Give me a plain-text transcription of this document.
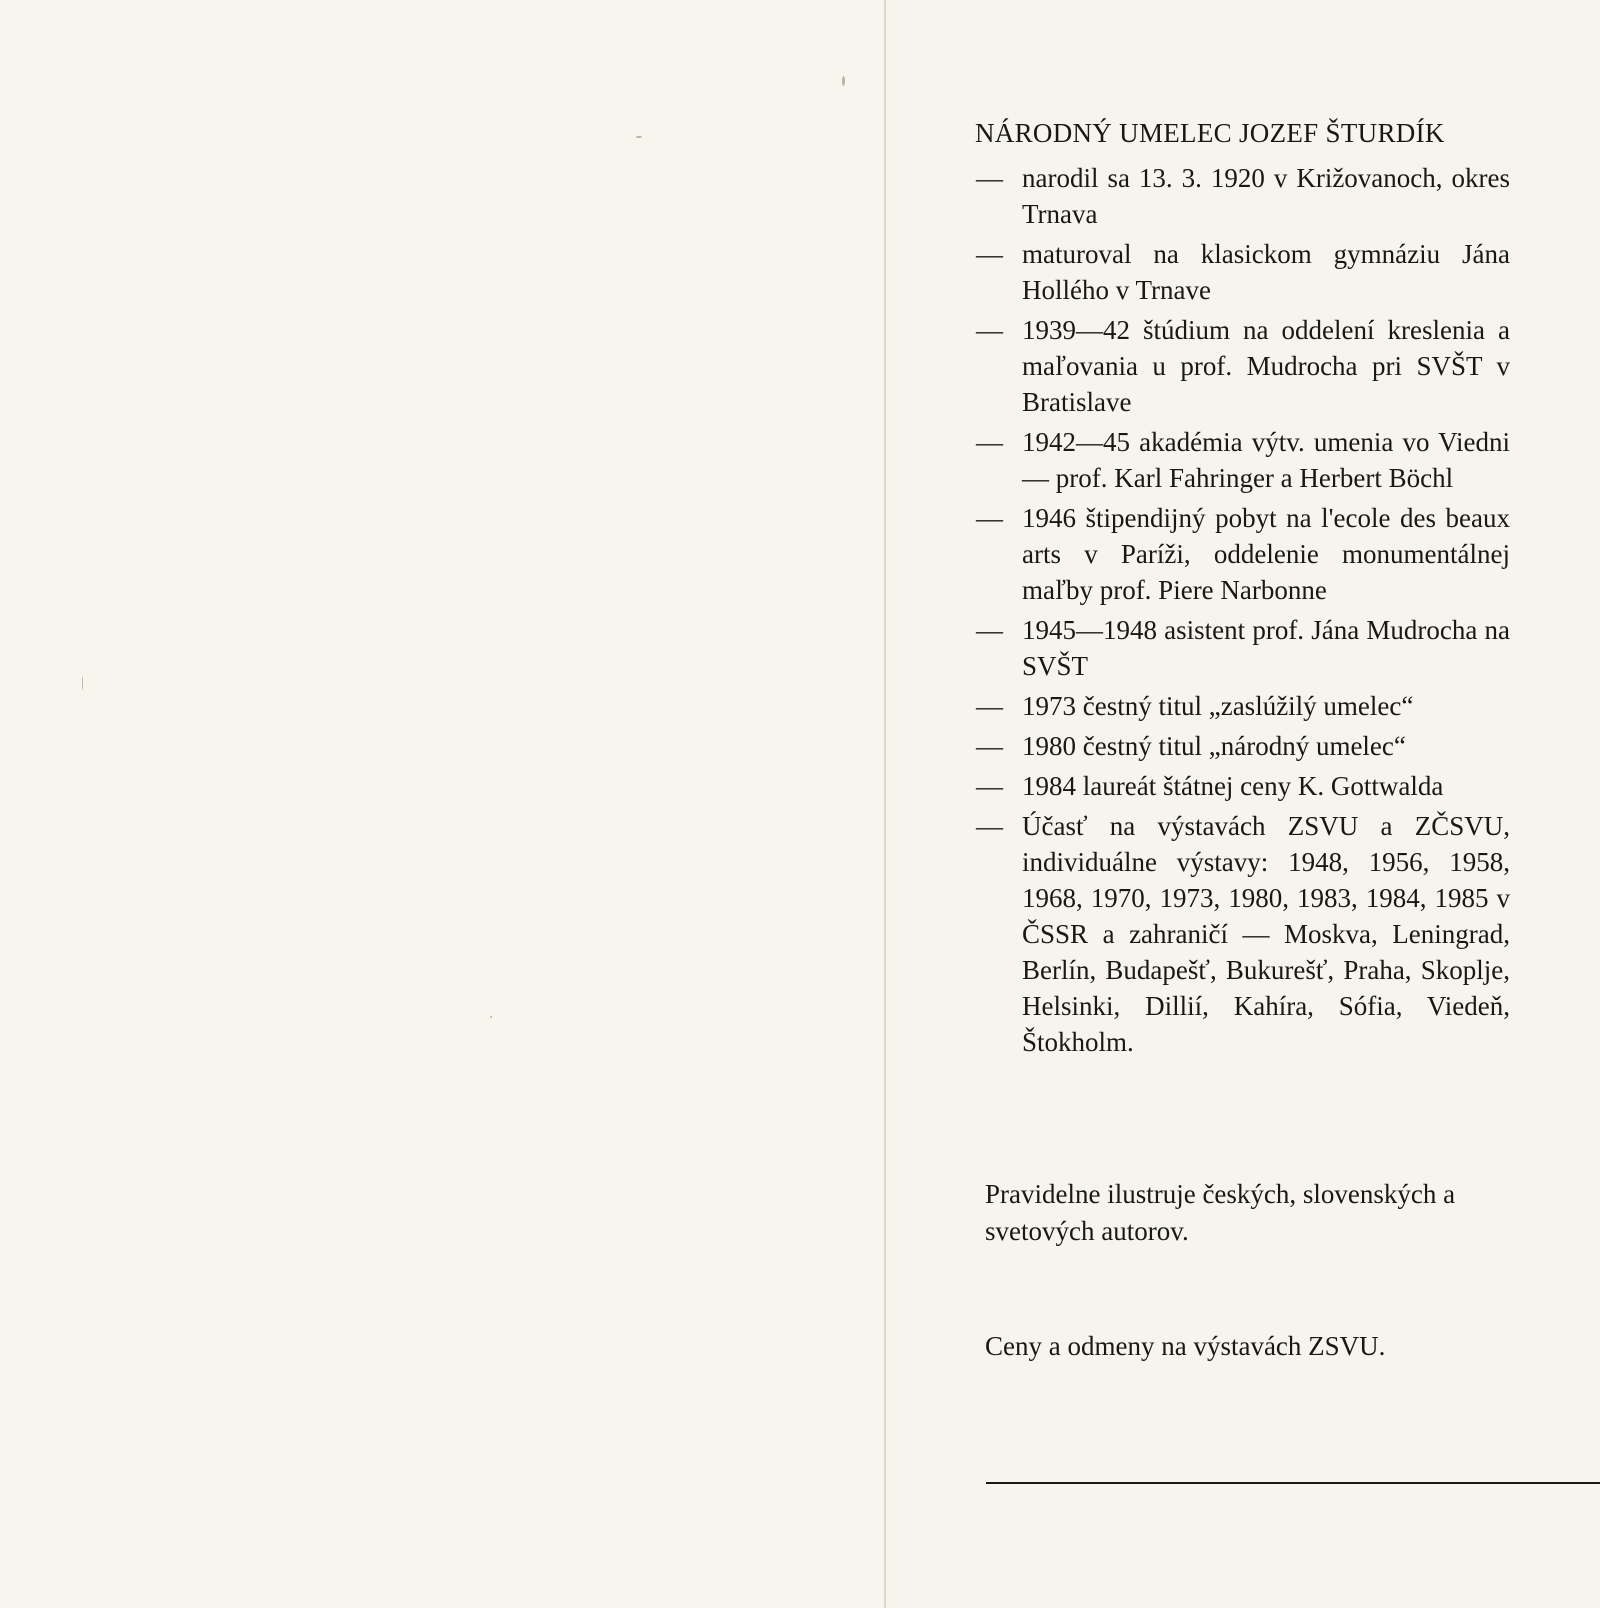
NÁRODNÝ UMELEC JOZEF ŠTURDÍK
— narodil sa 13. 3. 1920 v Križovanoch, okres Trnava
— maturoval na klasickom gymnáziu Jána Hollého v Trnave
— 1939—42 štúdium na oddelení kreslenia a maľovania u prof. Mudrocha pri SVŠT v Bratislave
— 1942—45 akadémia výtv. umenia vo Viedni — prof. Karl Fahringer a Herbert Böchl
— 1946 štipendijný pobyt na l'ecole des beaux arts v Paríži, oddelenie monumentálnej maľby prof. Piere Narbonne
— 1945—1948 asistent prof. Jána Mudrocha na SVŠT
— 1973 čestný titul „zaslúžilý umelec“
— 1980 čestný titul „národný umelec“
— 1984 laureát štátnej ceny K. Gottwalda
— Účasť na výstavách ZSVU a ZČSVU, individuálne výstavy: 1948, 1956, 1958, 1968, 1970, 1973, 1980, 1983, 1984, 1985 v ČSSR a zahraničí — Moskva, Leningrad, Berlín, Budapešť, Bukurešť, Praha, Skoplje, Helsinki, Dillií, Kahíra, Sófia, Viedeň, Štokholm.

Pravidelne ilustruje českých, slovenských a svetových autorov.

Ceny a odmeny na výstavách ZSVU.
